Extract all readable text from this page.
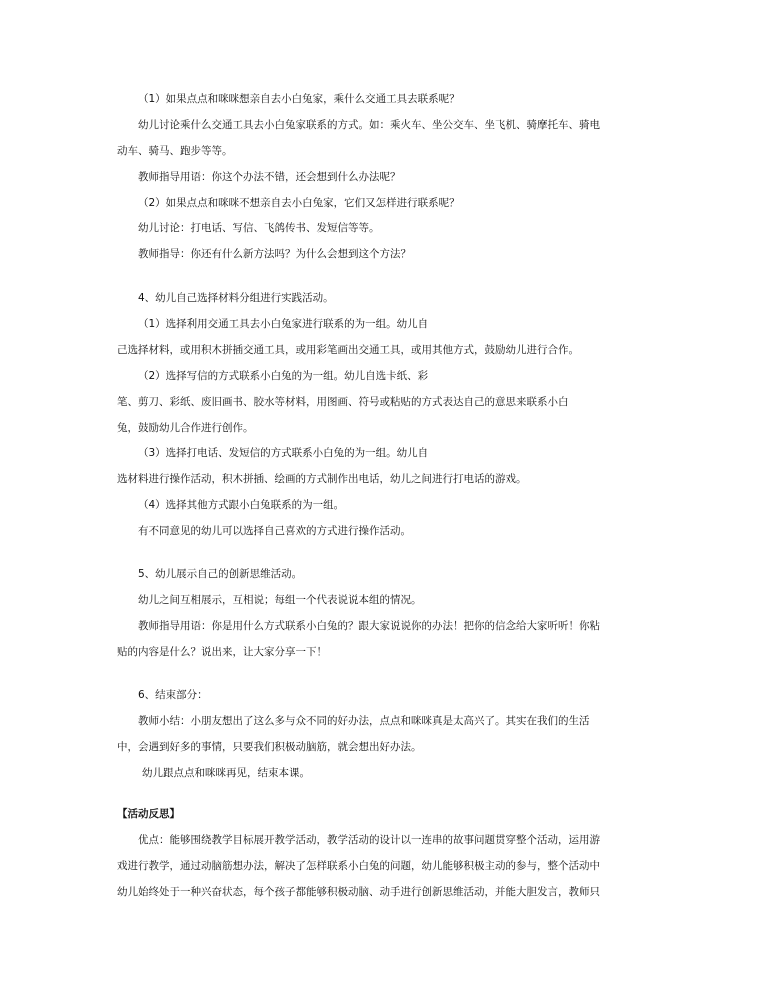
（1）如果点点和咪咪想亲自去小白兔家，乘什么交通工具去联系呢？
幼儿讨论乘什么交通工具去小白兔家联系的方式。如：乘火车、坐公交车、坐飞机、骑摩托车、骑电
动车、骑马、跑步等等。
教师指导用语：你这个办法不错，还会想到什么办法呢？
（2）如果点点和咪咪不想亲自去小白兔家，它们又怎样进行联系呢？
幼儿讨论：打电话、写信、飞鸽传书、发短信等等。
教师指导：你还有什么新方法吗？为什么会想到这个方法？
4、幼儿自己选择材料分组进行实践活动。
（1）选择利用交通工具去小白兔家进行联系的为一组。幼儿自
己选择材料，或用积木拼插交通工具，或用彩笔画出交通工具，或用其他方式，鼓励幼儿进行合作。
（2）选择写信的方式联系小白兔的为一组。幼儿自选卡纸、彩
笔、剪刀、彩纸、废旧画书、胶水等材料，用图画、符号或粘贴的方式表达自己的意思来联系小白
兔，鼓励幼儿合作进行创作。
（3）选择打电话、发短信的方式联系小白兔的为一组。幼儿自
选材料进行操作活动，积木拼插、绘画的方式制作出电话，幼儿之间进行打电话的游戏。
（4）选择其他方式跟小白兔联系的为一组。
有不同意见的幼儿可以选择自己喜欢的方式进行操作活动。
5、幼儿展示自己的创新思维活动。
幼儿之间互相展示，互相说；每组一个代表说说本组的情况。
教师指导用语：你是用什么方式联系小白兔的？跟大家说说你的办法！把你的信念给大家听听！你粘
贴的内容是什么？说出来，让大家分享一下！
6、结束部分：
教师小结：小朋友想出了这么多与众不同的好办法，点点和咪咪真是太高兴了。其实在我们的生活
中，会遇到好多的事情，只要我们积极动脑筋，就会想出好办法。
幼儿跟点点和咪咪再见，结束本课。
【活动反思】
优点：能够围绕教学目标展开教学活动，教学活动的设计以一连串的故事问题贯穿整个活动，运用游
戏进行教学，通过动脑筋想办法，解决了怎样联系小白兔的问题，幼儿能够积极主动的参与，整个活动中
幼儿始终处于一种兴奋状态，每个孩子都能够积极动脑、动手进行创新思维活动，并能大胆发言，教师只
